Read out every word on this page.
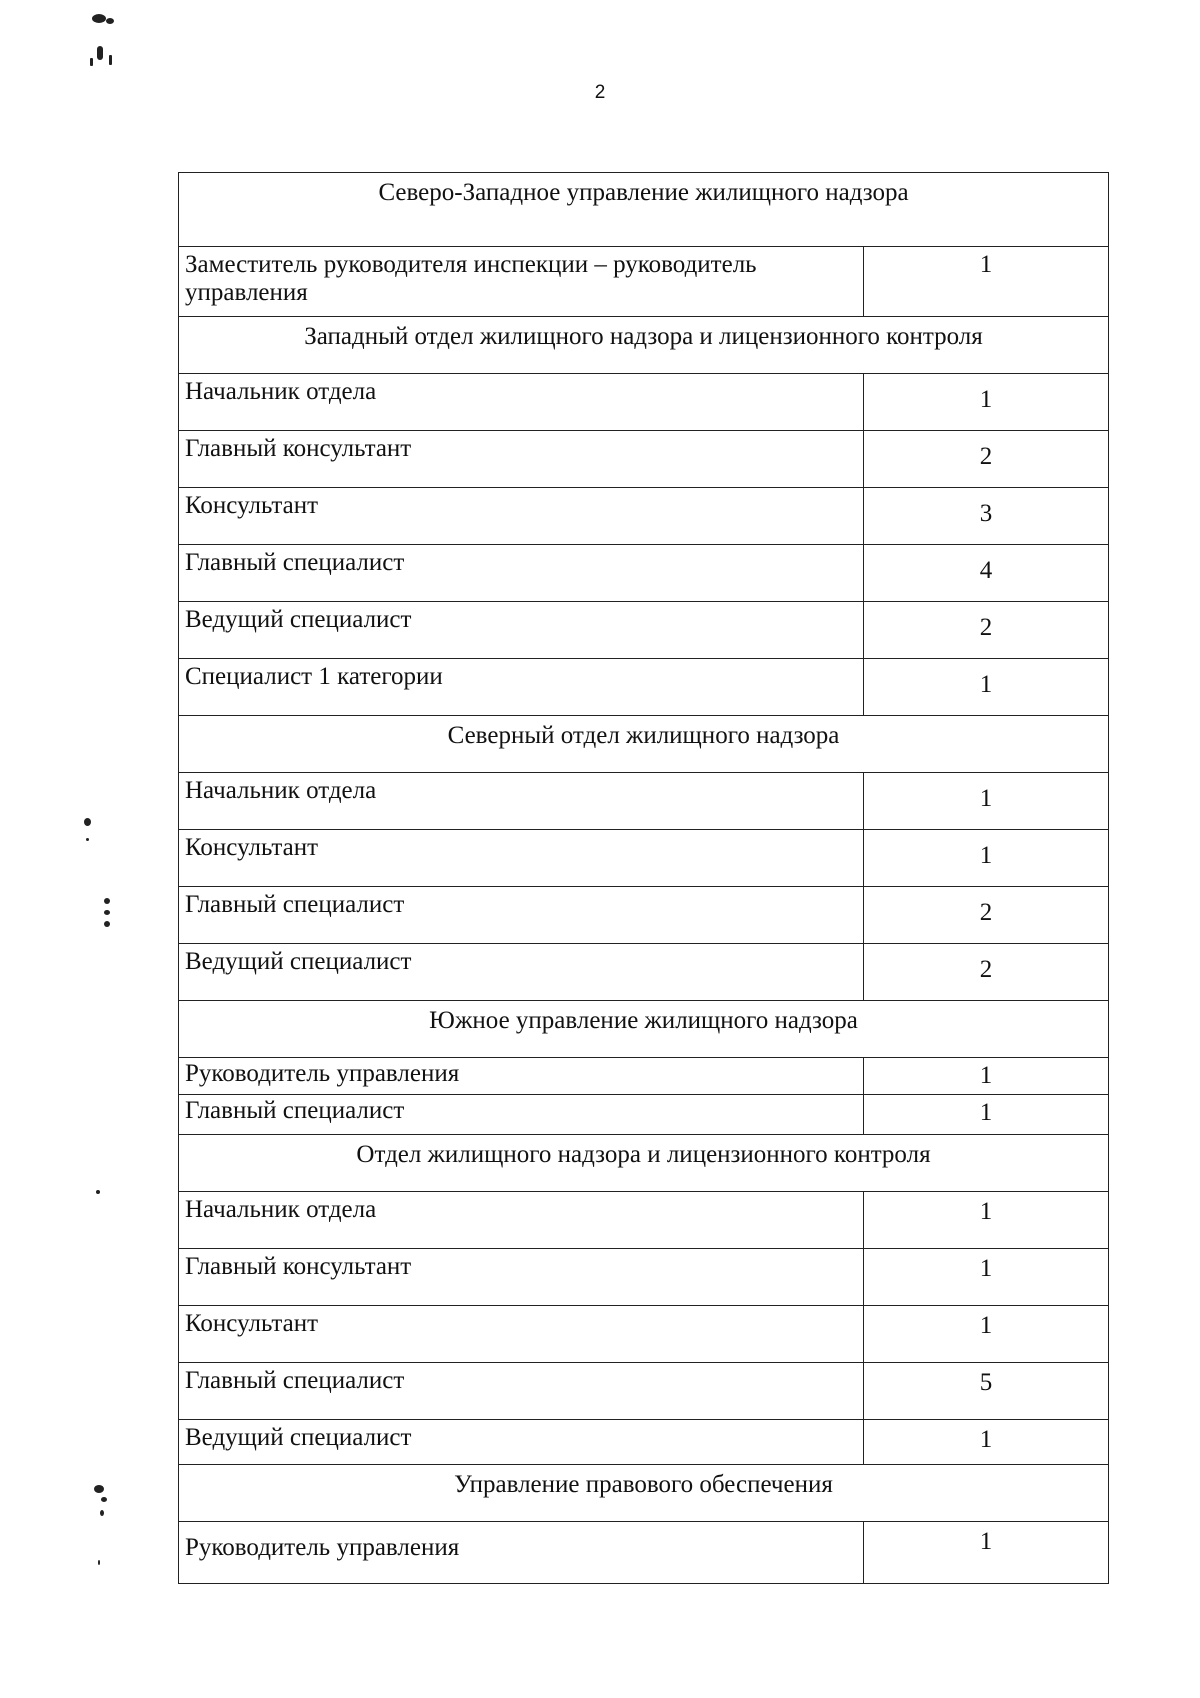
2
Северо-Западное управление жилищного надзора	
Заместитель руководителя инспекции – руководитель управления	1
Западный отдел жилищного надзора и лицензионного контроля	
Начальник отдела	1
Главный консультант	2
Консультант	3
Главный специалист	4
Ведущий специалист	2
Специалист 1 категории	1
Северный отдел жилищного надзора	
Начальник отдела	1
Консультант	1
Главный специалист	2
Ведущий специалист	2
Южное управление жилищного надзора	
Руководитель управления	1
Главный специалист	1
Отдел жилищного надзора и лицензионного контроля	
Начальник отдела	1
Главный консультант	1
Консультант	1
Главный специалист	5
Ведущий специалист	1
Управление правового обеспечения	
Руководитель управления	1
